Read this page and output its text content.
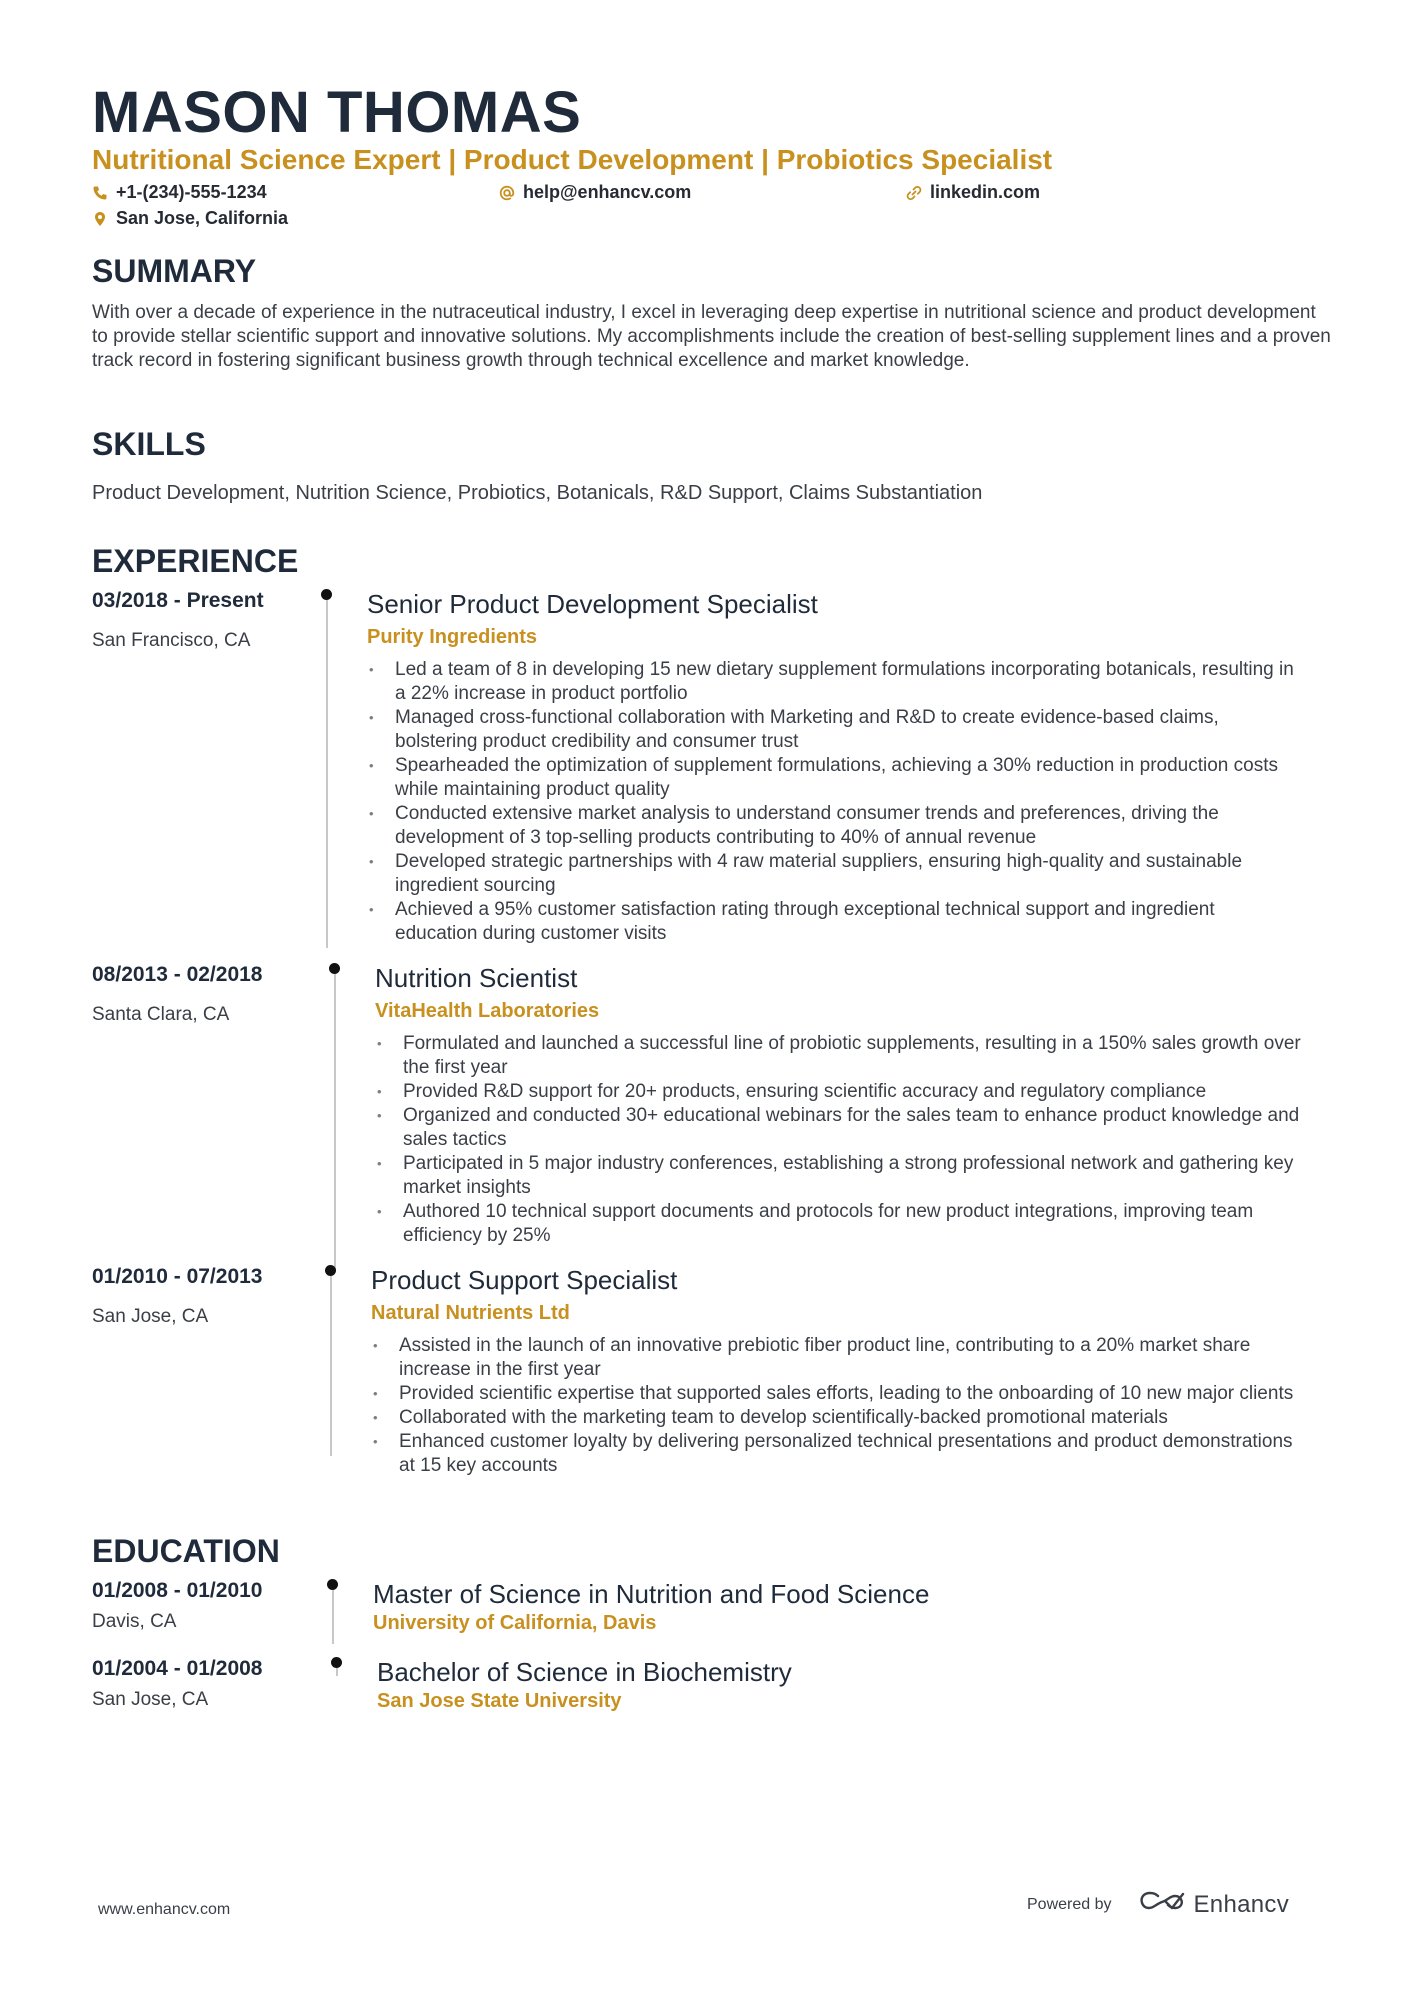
MASON THOMAS
Nutritional Science Expert | Product Development | Probiotics Specialist
+1-(234)-555-1234	help@enhancv.com	linkedin.com
San Jose, California
SUMMARY
With over a decade of experience in the nutraceutical industry, I excel in leveraging deep expertise in nutritional science and product development to provide stellar scientific support and innovative solutions. My accomplishments include the creation of best-selling supplement lines and a proven track record in fostering significant business growth through technical excellence and market knowledge.
SKILLS
Product Development, Nutrition Science, Probiotics, Botanicals, R&D Support, Claims Substantiation
EXPERIENCE
03/2018 - Present
San Francisco, CA
Senior Product Development Specialist
Purity Ingredients
• Led a team of 8 in developing 15 new dietary supplement formulations incorporating botanicals, resulting in a 22% increase in product portfolio
• Managed cross-functional collaboration with Marketing and R&D to create evidence-based claims, bolstering product credibility and consumer trust
• Spearheaded the optimization of supplement formulations, achieving a 30% reduction in production costs while maintaining product quality
• Conducted extensive market analysis to understand consumer trends and preferences, driving the development of 3 top-selling products contributing to 40% of annual revenue
• Developed strategic partnerships with 4 raw material suppliers, ensuring high-quality and sustainable ingredient sourcing
• Achieved a 95% customer satisfaction rating through exceptional technical support and ingredient education during customer visits
08/2013 - 02/2018
Santa Clara, CA
Nutrition Scientist
VitaHealth Laboratories
• Formulated and launched a successful line of probiotic supplements, resulting in a 150% sales growth over the first year
• Provided R&D support for 20+ products, ensuring scientific accuracy and regulatory compliance
• Organized and conducted 30+ educational webinars for the sales team to enhance product knowledge and sales tactics
• Participated in 5 major industry conferences, establishing a strong professional network and gathering key market insights
• Authored 10 technical support documents and protocols for new product integrations, improving team efficiency by 25%
01/2010 - 07/2013
San Jose, CA
Product Support Specialist
Natural Nutrients Ltd
• Assisted in the launch of an innovative prebiotic fiber product line, contributing to a 20% market share increase in the first year
• Provided scientific expertise that supported sales efforts, leading to the onboarding of 10 new major clients
• Collaborated with the marketing team to develop scientifically-backed promotional materials
• Enhanced customer loyalty by delivering personalized technical presentations and product demonstrations at 15 key accounts
EDUCATION
01/2008 - 01/2010
Davis, CA
Master of Science in Nutrition and Food Science
University of California, Davis
01/2004 - 01/2008
San Jose, CA
Bachelor of Science in Biochemistry
San Jose State University
www.enhancv.com	Powered by	Enhancv
